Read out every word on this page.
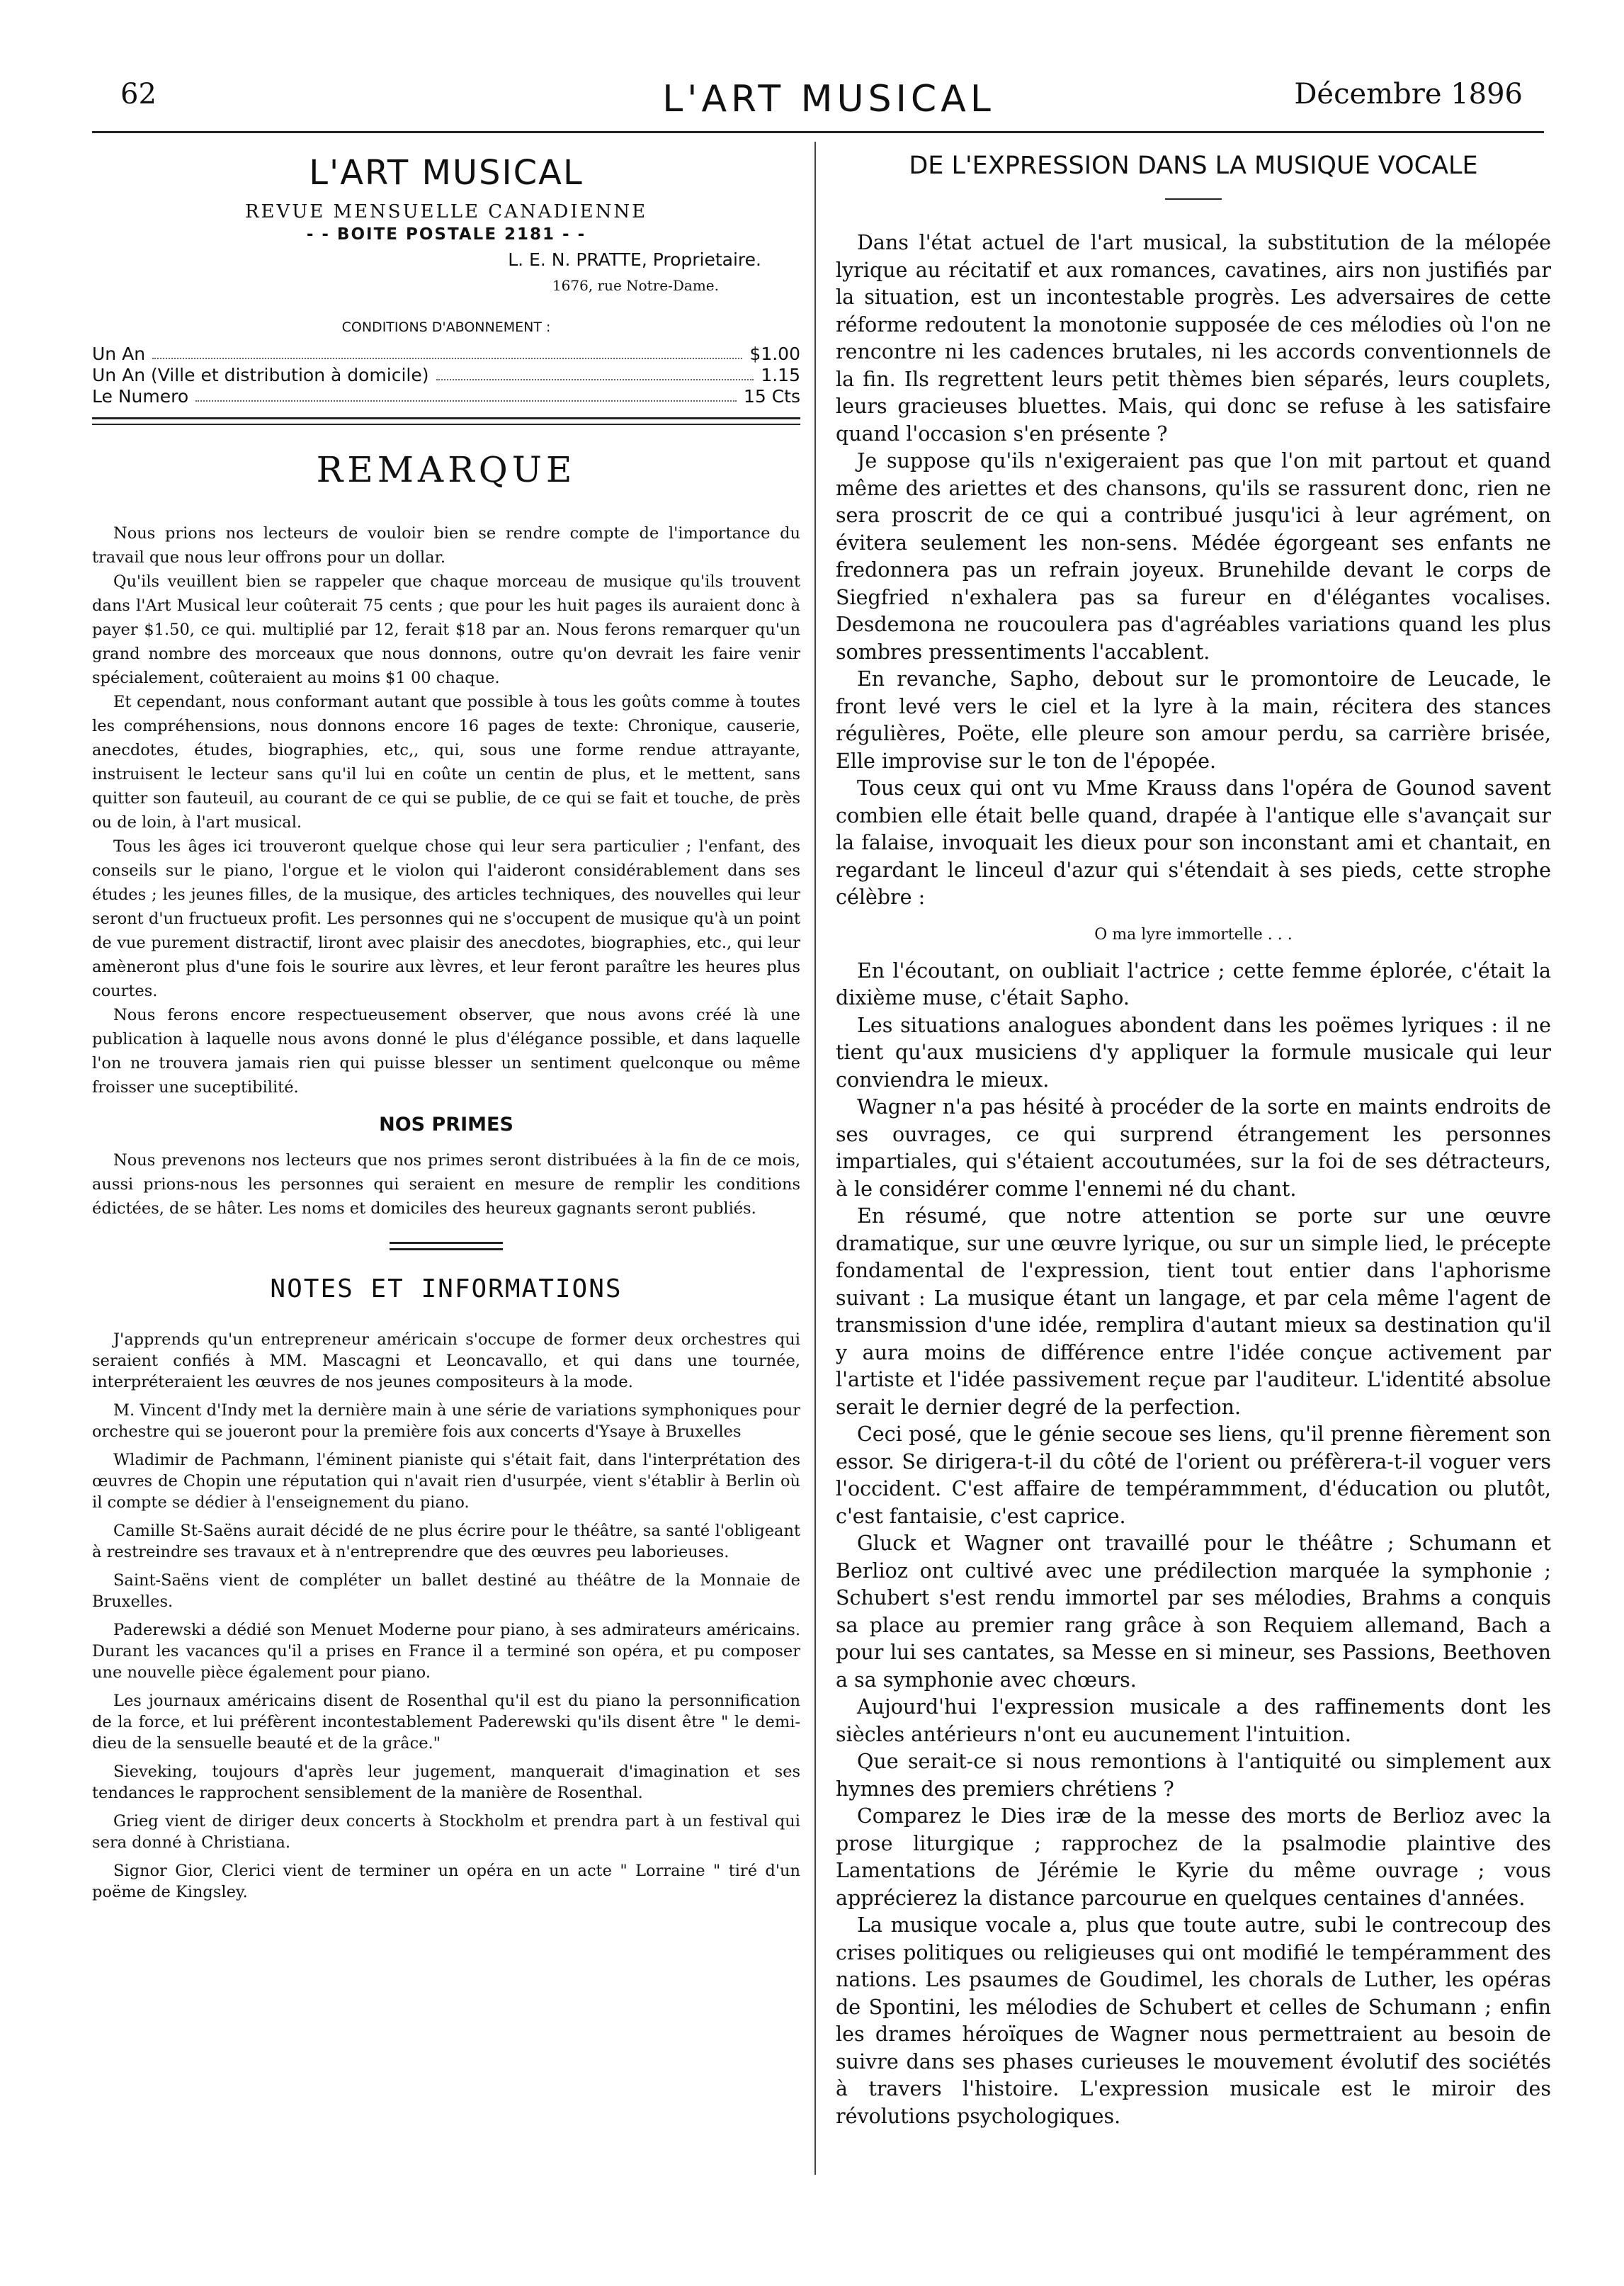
62	L'ART MUSICAL	Décembre 1896
L'ART MUSICAL
REVUE MENSUELLE CANADIENNE
- - BOITE POSTALE 2181 - -
L. E. N. PRATTE, Proprietaire.
1676, rue Notre-Dame.
CONDITIONS D'ABONNEMENT :
Un An	$1.00
Un An (Ville et distribution à domicile)	1.15
Le Numero	15 Cts
REMARQUE

Nous prions nos lecteurs de vouloir bien se rendre compte de l'importance du travail que nous leur offrons pour un dollar.

Qu'ils veuillent bien se rappeler que chaque morceau de musique qu'ils trouvent dans l'Art Musical leur coûterait 75 cents ; que pour les huit pages ils auraient donc à payer $1.50, ce qui. multiplié par 12, ferait $18 par an. Nous ferons remarquer qu'un grand nombre des morceaux que nous donnons, outre qu'on devrait les faire venir spécialement, coûteraient au moins $1 00 chaque.

Et cependant, nous conformant autant que possible à tous les goûts comme à toutes les compréhensions, nous donnons encore 16 pages de texte: Chronique, causerie, anecdotes, études, biographies, etc,, qui, sous une forme rendue attrayante, instruisent le lecteur sans qu'il lui en coûte un centin de plus, et le mettent, sans quitter son fauteuil, au courant de ce qui se publie, de ce qui se fait et touche, de près ou de loin, à l'art musical.

Tous les âges ici trouveront quelque chose qui leur sera particulier ; l'enfant, des conseils sur le piano, l'orgue et le violon qui l'aideront considérablement dans ses études ; les jeunes filles, de la musique, des articles techniques, des nouvelles qui leur seront d'un fructueux profit. Les personnes qui ne s'occupent de musique qu'à un point de vue purement distractif, liront avec plaisir des anecdotes, biographies, etc., qui leur amèneront plus d'une fois le sourire aux lèvres, et leur feront paraître les heures plus courtes.

Nous ferons encore respectueusement observer, que nous avons créé là une publication à laquelle nous avons donné le plus d'élégance possible, et dans laquelle l'on ne trouvera jamais rien qui puisse blesser un sentiment quelconque ou même froisser une suceptibilité.

NOS PRIMES

Nous prevenons nos lecteurs que nos primes seront distribuées à la fin de ce mois, aussi prions-nous les personnes qui seraient en mesure de remplir les conditions édictées, de se hâter. Les noms et domiciles des heureux gagnants seront publiés.

NOTES ET INFORMATIONS

J'apprends qu'un entrepreneur américain s'occupe de former deux orchestres qui seraient confiés à MM. Mascagni et Leoncavallo, et qui dans une tournée, interpréteraient les œuvres de nos jeunes compositeurs à la mode.

M. Vincent d'Indy met la dernière main à une série de variations symphoniques pour orchestre qui se joueront pour la première fois aux concerts d'Ysaye à Bruxelles

Wladimir de Pachmann, l'éminent pianiste qui s'était fait, dans l'interprétation des œuvres de Chopin une réputation qui n'avait rien d'usurpée, vient s'établir à Berlin où il compte se dédier à l'enseignement du piano.

Camille St-Saëns aurait décidé de ne plus écrire pour le théâtre, sa santé l'obligeant à restreindre ses travaux et à n'entreprendre que des œuvres peu laborieuses.

Saint-Saëns vient de compléter un ballet destiné au théâtre de la Monnaie de Bruxelles.

Paderewski a dédié son Menuet Moderne pour piano, à ses admirateurs américains. Durant les vacances qu'il a prises en France il a terminé son opéra, et pu composer une nouvelle pièce également pour piano.

Les journaux américains disent de Rosenthal qu'il est du piano la personnification de la force, et lui préfèrent incontestablement Paderewski qu'ils disent être " le demi-dieu de la sensuelle beauté et de la grâce."

Sieveking, toujours d'après leur jugement, manquerait d'imagination et ses tendances le rapprochent sensiblement de la manière de Rosenthal.

Grieg vient de diriger deux concerts à Stockholm et prendra part à un festival qui sera donné à Christiana.

Signor Gior, Clerici vient de terminer un opéra en un acte " Lorraine " tiré d'un poëme de Kingsley.

DE L'EXPRESSION DANS LA MUSIQUE VOCALE

Dans l'état actuel de l'art musical, la substitution de la mélopée lyrique au récitatif et aux romances, cavatines, airs non justifiés par la situation, est un incontestable progrès. Les adversaires de cette réforme redoutent la monotonie supposée de ces mélodies où l'on ne rencontre ni les cadences brutales, ni les accords conventionnels de la fin. Ils regrettent leurs petit thèmes bien séparés, leurs couplets, leurs gracieuses bluettes. Mais, qui donc se refuse à les satisfaire quand l'occasion s'en présente ?

Je suppose qu'ils n'exigeraient pas que l'on mit partout et quand même des ariettes et des chansons, qu'ils se rassurent donc, rien ne sera proscrit de ce qui a contribué jusqu'ici à leur agrément, on évitera seulement les non-sens. Médée égorgeant ses enfants ne fredonnera pas un refrain joyeux. Brunehilde devant le corps de Siegfried n'exhalera pas sa fureur en d'élégantes vocalises. Desdemona ne roucoulera pas d'agréables variations quand les plus sombres pressentiments l'accablent.

En revanche, Sapho, debout sur le promontoire de Leucade, le front levé vers le ciel et la lyre à la main, récitera des stances régulières, Poëte, elle pleure son amour perdu, sa carrière brisée, Elle improvise sur le ton de l'épopée.

Tous ceux qui ont vu Mme Krauss dans l'opéra de Gounod savent combien elle était belle quand, drapée à l'antique elle s'avançait sur la falaise, invoquait les dieux pour son inconstant ami et chantait, en regardant le linceul d'azur qui s'étendait à ses pieds, cette strophe célèbre :

O ma lyre immortelle . . .

En l'écoutant, on oubliait l'actrice ; cette femme éplorée, c'était la dixième muse, c'était Sapho.

Les situations analogues abondent dans les poëmes lyriques : il ne tient qu'aux musiciens d'y appliquer la formule musicale qui leur conviendra le mieux.

Wagner n'a pas hésité à procéder de la sorte en maints endroits de ses ouvrages, ce qui surprend étrangement les personnes impartiales, qui s'étaient accoutumées, sur la foi de ses détracteurs, à le considérer comme l'ennemi né du chant.

En résumé, que notre attention se porte sur une œuvre dramatique, sur une œuvre lyrique, ou sur un simple lied, le précepte fondamental de l'expression, tient tout entier dans l'aphorisme suivant : La musique étant un langage, et par cela même l'agent de transmission d'une idée, remplira d'autant mieux sa destination qu'il y aura moins de différence entre l'idée conçue activement par l'artiste et l'idée passivement reçue par l'auditeur. L'identité absolue serait le dernier degré de la perfection.

Ceci posé, que le génie secoue ses liens, qu'il prenne fièrement son essor. Se dirigera-t-il du côté de l'orient ou préfèrera-t-il voguer vers l'occident. C'est affaire de tempérammment, d'éducation ou plutôt, c'est fantaisie, c'est caprice.

Gluck et Wagner ont travaillé pour le théâtre ; Schumann et Berlioz ont cultivé avec une prédilection marquée la symphonie ; Schubert s'est rendu immortel par ses mélodies, Brahms a conquis sa place au premier rang grâce à son Requiem allemand, Bach a pour lui ses cantates, sa Messe en si mineur, ses Passions, Beethoven a sa symphonie avec chœurs.

Aujourd'hui l'expression musicale a des raffinements dont les siècles antérieurs n'ont eu aucunement l'intuition.

Que serait-ce si nous remontions à l'antiquité ou simplement aux hymnes des premiers chrétiens ?

Comparez le Dies iræ de la messe des morts de Berlioz avec la prose liturgique ; rapprochez de la psalmodie plaintive des Lamentations de Jérémie le Kyrie du même ouvrage ; vous apprécierez la distance parcourue en quelques centaines d'années.

La musique vocale a, plus que toute autre, subi le contrecoup des crises politiques ou religieuses qui ont modifié le tempéramment des nations. Les psaumes de Goudimel, les chorals de Luther, les opéras de Spontini, les mélodies de Schubert et celles de Schumann ; enfin les drames héroïques de Wagner nous permettraient au besoin de suivre dans ses phases curieuses le mouvement évolutif des sociétés à travers l'histoire. L'expression musicale est le miroir des révolutions psychologiques.
